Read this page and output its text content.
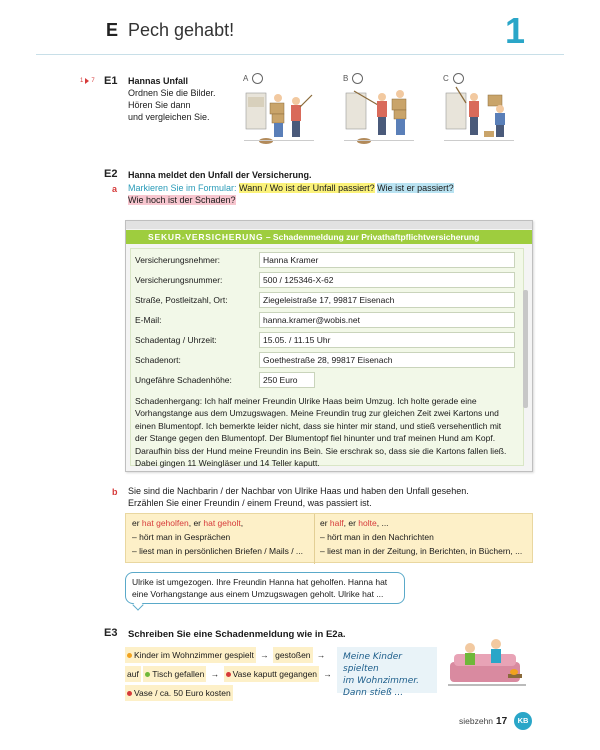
E Pech gehabt!	1
1 7 E1 Hannas Unfall
Ordnen Sie die Bilder.
Hören Sie dann
und vergleichen Sie.
A	B	C
E2 Hanna meldet den Unfall der Versicherung.
a Markieren Sie im Formular: Wann / Wo ist der Unfall passiert? Wie ist er passiert?
Wie hoch ist der Schaden?
SEKUR-VERSICHERUNG – Schadenmeldung zur Privathaftpflichtversicherung
Versicherungsnehmer:	Hanna Kramer
Versicherungsnummer:	500 / 125346-X-62
Straße, Postleitzahl, Ort:	Ziegeleistraße 17, 99817 Eisenach
E-Mail:	hanna.kramer@wobis.net
Schadentag / Uhrzeit:	15.05. / 11.15 Uhr
Schadenort:	Goethestraße 28, 99817 Eisenach
Ungefähre Schadenhöhe:	250 Euro
Schadenhergang: Ich half meiner Freundin Ulrike Haas beim Umzug. Ich holte gerade eine Vorhangstange aus dem Umzugswagen. Meine Freundin trug zur gleichen Zeit zwei Kartons und einen Blumentopf. Ich bemerkte leider nicht, dass sie hinter mir stand, und stieß versehentlich mit der Stange gegen den Blumentopf. Der Blumentopf fiel hinunter und traf meinen Hund am Kopf. Daraufhin biss der Hund meine Freundin ins Bein. Sie erschrak so, dass sie die Kartons fallen ließ. Dabei gingen 11 Weingläser und 14 Teller kaputt.
b Sie sind die Nachbarin / der Nachbar von Ulrike Haas und haben den Unfall gesehen.
Erzählen Sie einer Freundin / einem Freund, was passiert ist.
er hat geholfen, er hat geholt,
– hört man in Gesprächen
– liest man in persönlichen Briefen / Mails / ...
er half, er holte, ...
– hört man in den Nachrichten
– liest man in der Zeitung, in Berichten, in Büchern, ...
Ulrike ist umgezogen. Ihre Freundin Hanna hat geholfen. Hanna hat
eine Vorhangstange aus einem Umzugswagen geholt. Ulrike hat ...
E3 Schreiben Sie eine Schadenmeldung wie in E2a.
Kinder im Wohnzimmer gespielt → gestoßen →
auf Tisch gefallen → Vase kaputt gegangen →
Vase / ca. 50 Euro kosten
Meine Kinder spielten
im Wohnzimmer.
Dann stieß ...
siebzehn 17	KB
